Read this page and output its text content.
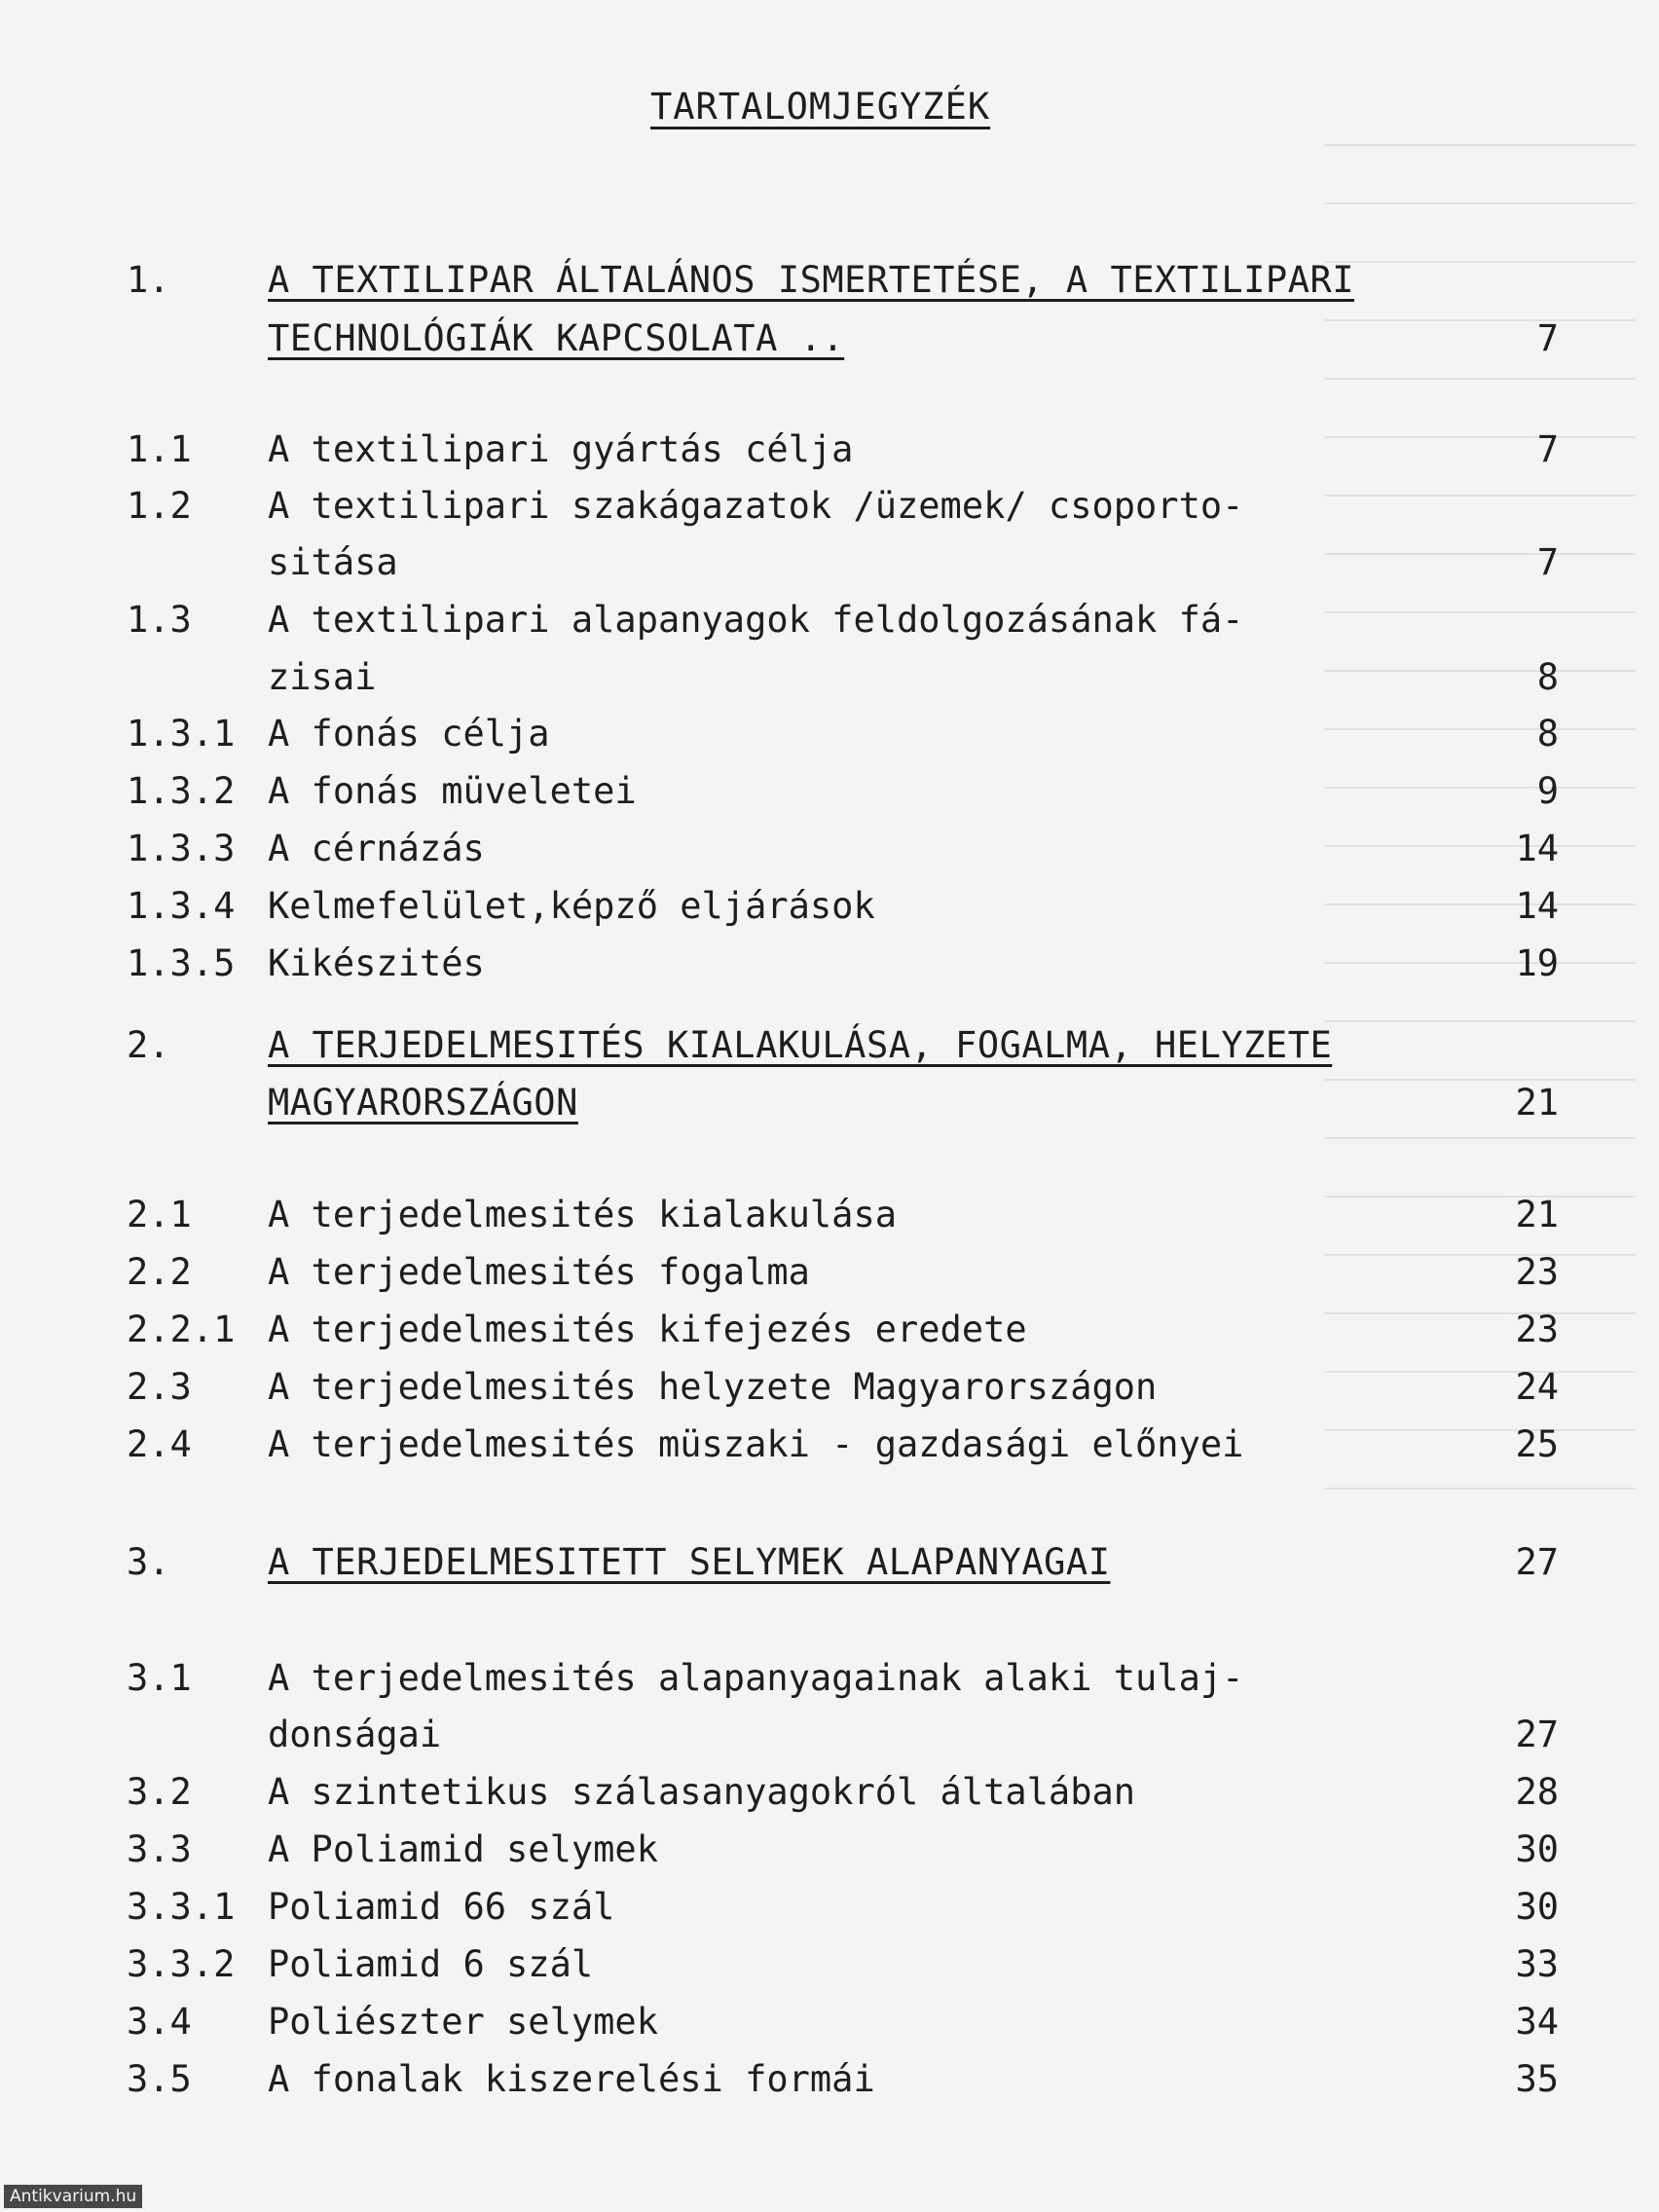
TARTALOMJEGYZÉK
1.	A TEXTILIPAR ÁLTALÁNOS ISMERTETÉSE, A TEXTILIPARI
TECHNOLÓGIÁK KAPCSOLATA ..	7
1.1 A textilipari gyártás célja	7
1.2 A textilipari szakágazatok /üzemek/ csoporto-
sitása	7
1.3 A textilipari alapanyagok feldolgozásának fá-
zisai	8
1.3.1 A fonás célja	8
1.3.2 A fonás müveletei	9
1.3.3 A cérnázás	14
1.3.4 Kelmefelület,képző eljárások	14
1.3.5 Kikészités	19
2.	A TERJEDELMESITÉS KIALAKULÁSA, FOGALMA, HELYZETE
MAGYARORSZÁGON	21
2.1 A terjedelmesités kialakulása	21
2.2 A terjedelmesités fogalma	23
2.2.1 A terjedelmesités kifejezés eredete	23
2.3 A terjedelmesités helyzete Magyarországon	24
2.4 A terjedelmesités müszaki - gazdasági előnyei	25
3.	A TERJEDELMESITETT SELYMEK ALAPANYAGAI	27
3.1 A terjedelmesités alapanyagainak alaki tulaj-
donságai	27
3.2 A szintetikus szálasanyagokról általában	28
3.3 A Poliamid selymek	30
3.3.1 Poliamid 66 szál	30
3.3.2 Poliamid 6 szál	33
3.4 Poliészter selymek	34
3.5 A fonalak kiszerelési formái	35
Antikvarium.hu
